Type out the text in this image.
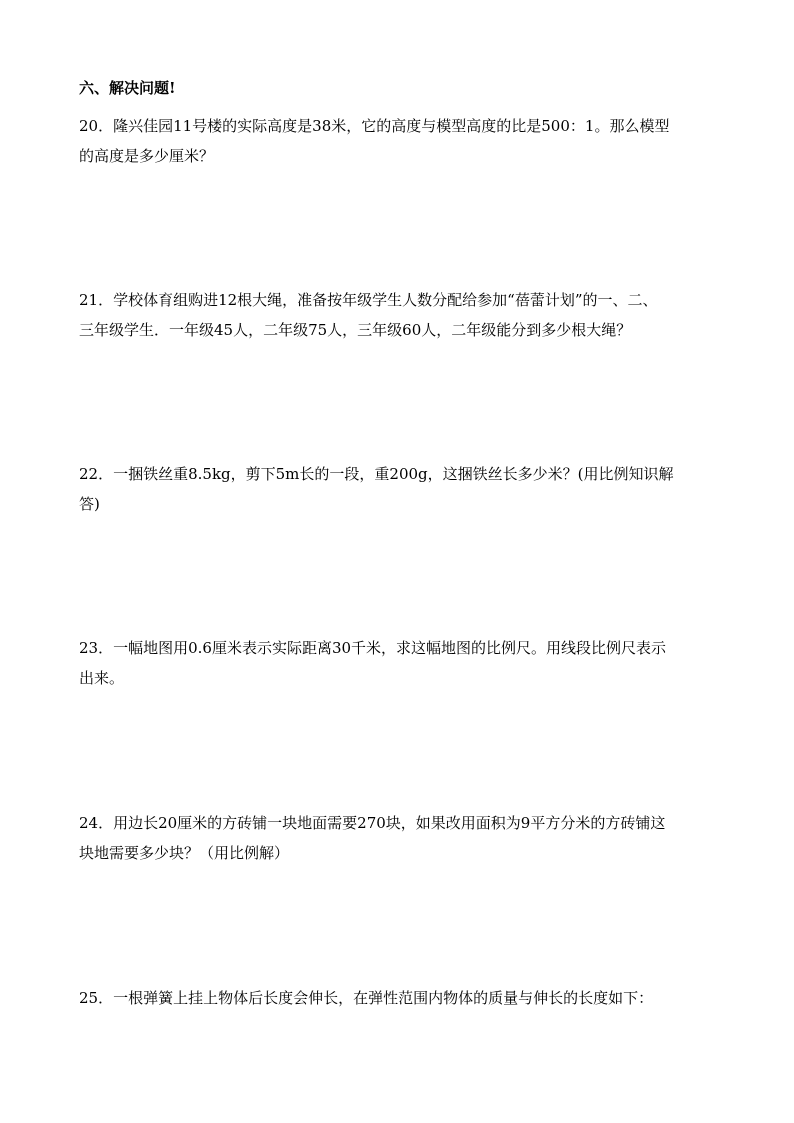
六、解决问题!
20．隆兴佳园11号楼的实际高度是38米，它的高度与模型高度的比是500：1。那么模型
的高度是多少厘米？
21．学校体育组购进12根大绳，准备按年级学生人数分配给参加“蓓蕾计划”的一、二、
三年级学生．一年级45人，二年级75人，三年级60人，二年级能分到多少根大绳？
22．一捆铁丝重8.5kg，剪下5m长的一段，重200g，这捆铁丝长多少米？(用比例知识解
答)
23．一幅地图用0.6厘米表示实际距离30千米，求这幅地图的比例尺。用线段比例尺表示
出来。
24．用边长20厘米的方砖铺一块地面需要270块，如果改用面积为9平方分米的方砖铺这
块地需要多少块？（用比例解）
25．一根弹簧上挂上物体后长度会伸长，在弹性范围内物体的质量与伸长的长度如下：
